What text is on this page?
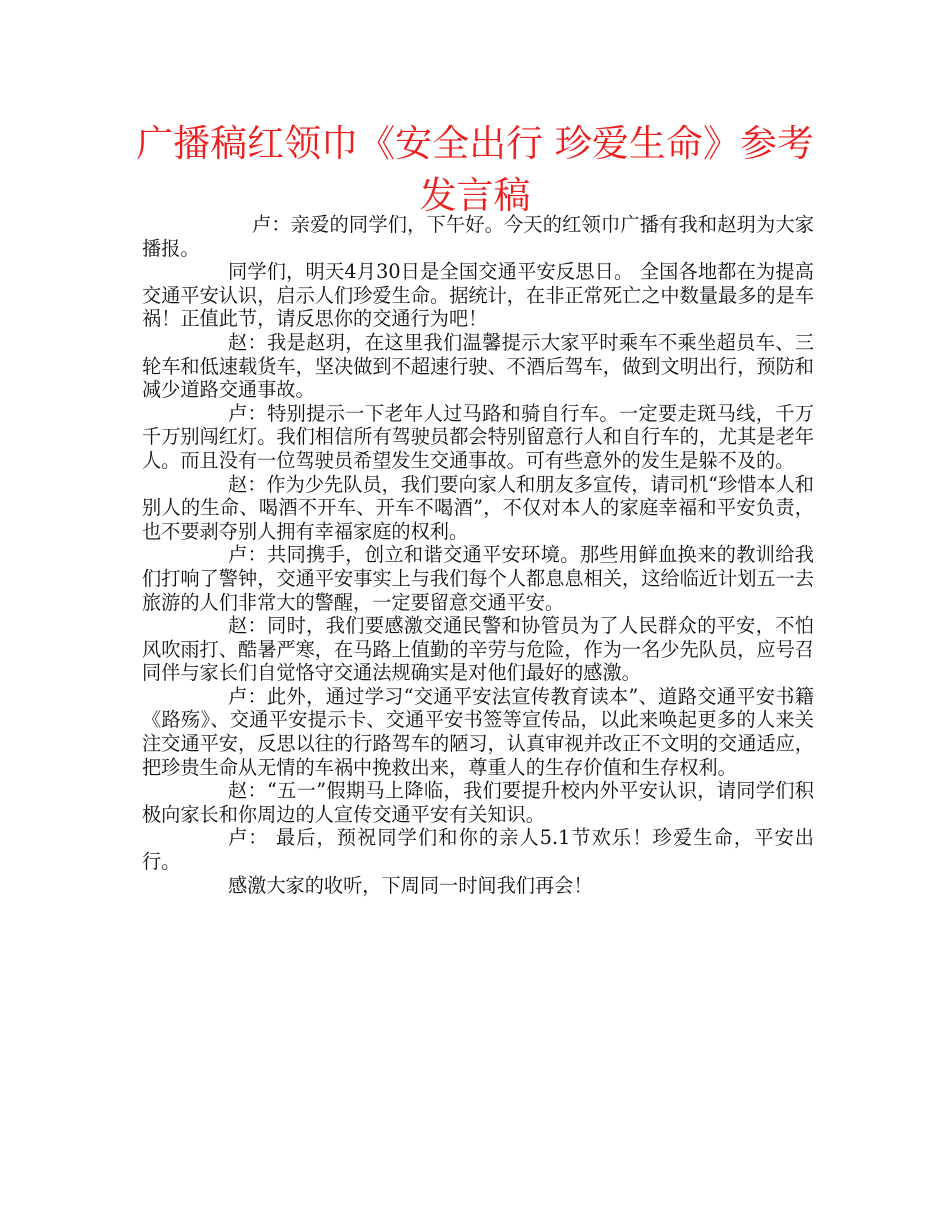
广播稿红领巾《安全出行 珍爱生命》参考发言稿

卢：亲爱的同学们，下午好。今天的红领巾广播有我和赵玥为大家播报。

同学们，明天4月30日是全国交通平安反思日。 全国各地都在为提高交通平安认识，启示人们珍爱生命。据统计，在非正常死亡之中数量最多的是车祸！正值此节，请反思你的交通行为吧！

赵：我是赵玥，在这里我们温馨提示大家平时乘车不乘坐超员车、三轮车和低速载货车，坚决做到不超速行驶、不酒后驾车，做到文明出行，预防和减少道路交通事故。

卢：特别提示一下老年人过马路和骑自行车。一定要走斑马线，千万千万别闯红灯。我们相信所有驾驶员都会特别留意行人和自行车的，尤其是老年人。而且没有一位驾驶员希望发生交通事故。可有些意外的发生是躲不及的。

赵：作为少先队员，我们要向家人和朋友多宣传，请司机“珍惜本人和别人的生命、喝酒不开车、开车不喝酒”，不仅对本人的家庭幸福和平安负责，也不要剥夺别人拥有幸福家庭的权利。

卢：共同携手，创立和谐交通平安环境。那些用鲜血换来的教训给我们打响了警钟，交通平安事实上与我们每个人都息息相关，这给临近计划五一去旅游的人们非常大的警醒，一定要留意交通平安。

赵：同时，我们要感激交通民警和协管员为了人民群众的平安，不怕风吹雨打、酷暑严寒，在马路上值勤的辛劳与危险，作为一名少先队员，应号召同伴与家长们自觉恪守交通法规确实是对他们最好的感激。

卢：此外，通过学习“交通平安法宣传教育读本”、道路交通平安书籍《路殇》、交通平安提示卡、交通平安书签等宣传品，以此来唤起更多的人来关注交通平安，反思以往的行路驾车的陋习，认真审视并改正不文明的交通适应，把珍贵生命从无情的车祸中挽救出来，尊重人的生存价值和生存权利。

赵：“五一”假期马上降临，我们要提升校内外平安认识，请同学们积极向家长和你周边的人宣传交通平安有关知识。

卢： 最后，预祝同学们和你的亲人5.1节欢乐！珍爱生命，平安出行。

感激大家的收听，下周同一时间我们再会！
